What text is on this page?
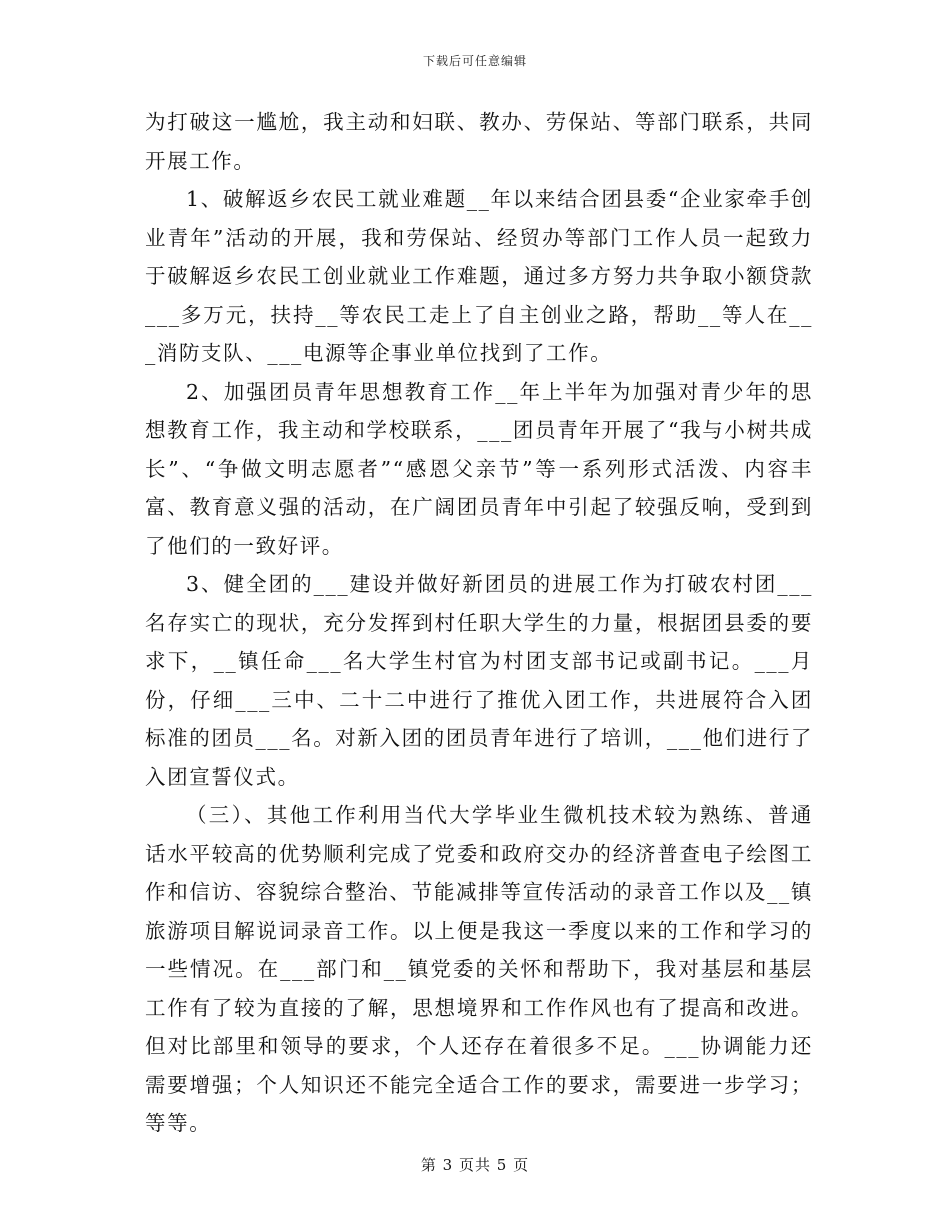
下载后可任意编辑

为打破这一尴尬，我主动和妇联、教办、劳保站、等部门联系，共同开展工作。

1、破解返乡农民工就业难题__年以来结合团县委“企业家牵手创业青年”活动的开展，我和劳保站、经贸办等部门工作人员一起致力于破解返乡农民工创业就业工作难题，通过多方努力共争取小额贷款___多万元，扶持__等农民工走上了自主创业之路，帮助__等人在___消防支队、___电源等企事业单位找到了工作。

2、加强团员青年思想教育工作__年上半年为加强对青少年的思想教育工作，我主动和学校联系，___团员青年开展了“我与小树共成长”、“争做文明志愿者”“感恩父亲节”等一系列形式活泼、内容丰富、教育意义强的活动，在广阔团员青年中引起了较强反响，受到到了他们的一致好评。

3、健全团的___建设并做好新团员的进展工作为打破农村团___名存实亡的现状，充分发挥到村任职大学生的力量，根据团县委的要求下，__镇任命___名大学生村官为村团支部书记或副书记。___月份，仔细___三中、二十二中进行了推优入团工作，共进展符合入团标准的团员___名。对新入团的团员青年进行了培训，___他们进行了入团宣誓仪式。

（三）、其他工作利用当代大学毕业生微机技术较为熟练、普通话水平较高的优势顺利完成了党委和政府交办的经济普查电子绘图工作和信访、容貌综合整治、节能减排等宣传活动的录音工作以及__镇旅游项目解说词录音工作。以上便是我这一季度以来的工作和学习的一些情况。在___部门和__镇党委的关怀和帮助下，我对基层和基层工作有了较为直接的了解，思想境界和工作作风也有了提高和改进。但对比部里和领导的要求，个人还存在着很多不足。___协调能力还需要增强；个人知识还不能完全适合工作的要求，需要进一步学习；等等。

第 3 页共 5 页
